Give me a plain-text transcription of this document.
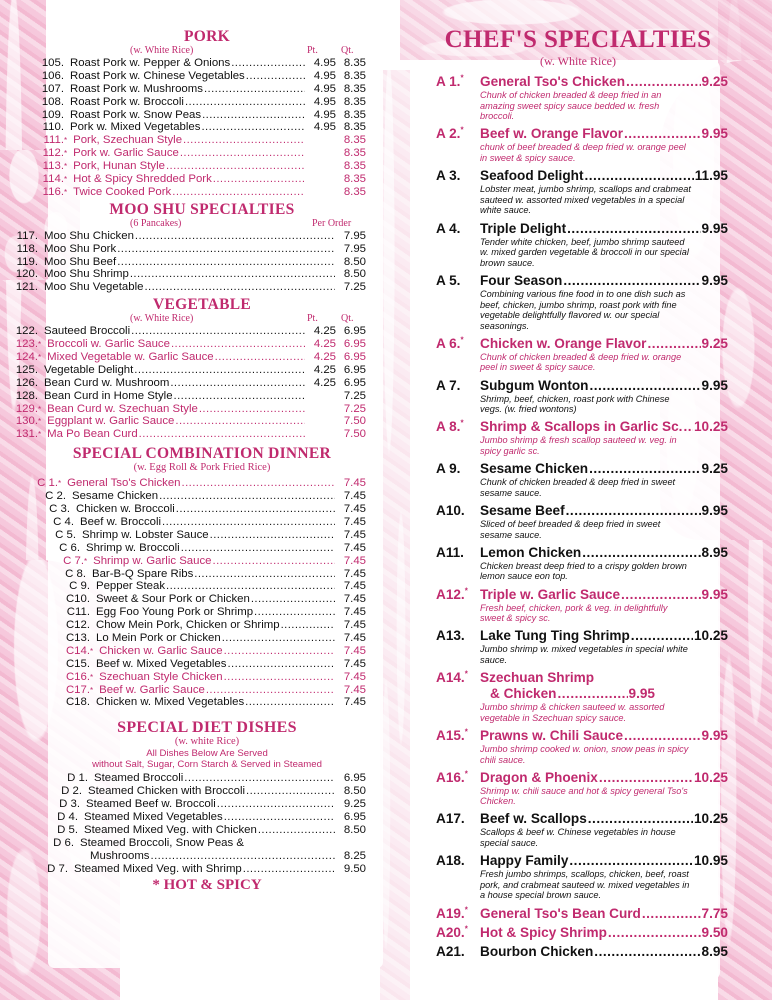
PORK
(w. White Rice)	Pt. Qt.
105. Roast Pork w. Pepper & Onions .....	4.95 8.35
106. Roast Pork w. Chinese Vegetables .....	4.95 8.35
107. Roast Pork w. Mushrooms .....	4.95 8.35
108. Roast Pork w. Broccoli .....	4.95 8.35
109. Roast Pork w. Snow Peas .....	4.95 8.35
110. Pork w. Mixed Vegetables .....	4.95 8.35
111. * Pork, Szechuan Style .....	8.35
112. * Pork w. Garlic Sauce .....	8.35
113. * Pork, Hunan Style .....	8.35
114. * Hot & Spicy Shredded Pork .....	8.35
116. * Twice Cooked Pork .....	8.35
MOO SHU SPECIALTIES
(6 Pancakes)	Per Order
117. Moo Shu Chicken .....	7.95
118. Moo Shu Pork .....	7.95
119. Moo Shu Beef .....	8.50
120. Moo Shu Shrimp .....	8.50
121. Moo Shu Vegetable .....	7.25
VEGETABLE
(w. White Rice)	Pt. Qt.
122. Sauteed Broccoli .....	4.25 6.95
123. * Broccoli w. Garlic Sauce .....	4.25 6.95
124. * Mixed Vegetable w. Garlic Sauce .....	4.25 6.95
125. Vegetable Delight .....	4.25 6.95
126. Bean Curd w. Mushroom .....	4.25 6.95
128. Bean Curd in Home Style .....	7.25
129. * Bean Curd w. Szechuan Style .....	7.25
130. * Eggplant w. Garlic Sauce .....	7.50
131. * Ma Po Bean Curd .....	7.50
SPECIAL COMBINATION DINNER
(w. Egg Roll & Pork Fried Rice)
C 1. * General Tso's Chicken .....	7.45
C 2. Sesame Chicken .....	7.45
C 3. Chicken w. Broccoli .....	7.45
C 4. Beef w. Broccoli .....	7.45
C 5. Shrimp w. Lobster Sauce .....	7.45
C 6. Shrimp w. Broccoli .....	7.45
C 7. * Shrimp w. Garlic Sauce .....	7.45
C 8. Bar-B-Q Spare Ribs .....	7.45
C 9. Pepper Steak .....	7.45
C10. Sweet & Sour Pork or Chicken .....	7.45
C11. Egg Foo Young Pork or Shrimp .....	7.45
C12. Chow Mein Pork, Chicken or Shrimp .....	7.45
C13. Lo Mein Pork or Chicken .....	7.45
C14. * Chicken w. Garlic Sauce .....	7.45
C15. Beef w. Mixed Vegetables .....	7.45
C16. * Szechuan Style Chicken .....	7.45
C17. * Beef w. Garlic Sauce .....	7.45
C18. Chicken w. Mixed Vegetables .....	7.45
SPECIAL DIET DISHES
(w. white Rice)
All Dishes Below Are Served
without Salt, Sugar, Corn Starch & Served in Steamed
D 1. Steamed Broccoli .....	6.95
D 2. Steamed Chicken with Broccoli .....	8.50
D 3. Steamed Beef w. Broccoli .....	9.25
D 4. Steamed Mixed Vegetables .....	6.95
D 5. Steamed Mixed Veg. with Chicken .....	8.50
D 6. Steamed Broccoli, Snow Peas &
Mushrooms .....	8.25
D 7. Steamed Mixed Veg. with Shrimp .....	9.50
* HOT & SPICY
CHEF'S SPECIALTIES
(w. White Rice)
A 1.*	General Tso's Chicken .....	9.25
Chunk of chicken breaded & deep fried in an amazing sweet spicy sauce bedded w. fresh broccoli.
A 2.*	Beef w. Orange Flavor .....	9.95
chunk of beef breaded & deep fried w. orange peel in sweet & spicy sauce.
A 3.	Seafood Delight .....	11.95
Lobster meat, jumbo shrimp, scallops and crabmeat sauteed w. assorted mixed vegetables in a special white sauce.
A 4.	Triple Delight .....	9.95
Tender white chicken, beef, jumbo shrimp sauteed w. mixed garden vegetable & broccoli in our special brown sauce.
A 5.	Four Season .....	9.95
Combining various fine food in to one dish such as beef, chicken, jumbo shrimp, roast pork with fine vegetable delightfully flavored w. our special seasonings.
A 6.*	Chicken w. Orange Flavor .....	9.25
Chunk of chicken breaded & deep fried w. orange peel in sweet & spicy sauce.
A 7.	Subgum Wonton .....	9.95
Shrimp, beef, chicken, roast pork with Chinese vegs. (w. fried wontons)
A 8.*	Shrimp & Scallops in Garlic Sc. ..... 10.25
Jumbo shrimp & fresh scallop sauteed w. veg. in spicy garlic sc.
A 9.	Sesame Chicken .....	9.25
Chunk of chicken breaded & deep fried in sweet sesame sauce.
A10.	Sesame Beef .....	9.95
Sliced of beef breaded & deep fried in sweet sesame sauce.
A11.	Lemon Chicken .....	8.95
Chicken breast deep fried to a crispy golden brown lemon sauce eon top.
A12.* Triple w. Garlic Sauce .....	9.95
Fresh beef, chicken, pork & veg. in delightfully sweet & spicy sc.
A13.	Lake Tung Ting Shrimp .....	10.25
Jumbo shrimp w. mixed vegetables in special white sauce.
A14.* Szechuan Shrimp
& Chicken .....	9.95
Jumbo shrimp & chicken sauteed w. assorted vegetable in Szechuan spicy sauce.
A15.* Prawns w. Chili Sauce .....	9.95
Jumbo shrimp cooked w. onion, snow peas in spicy chili sauce.
A16.* Dragon & Phoenix .....	10.25
Shrimp w. chili sauce and hot & spicy general Tso's Chicken.
A17.	Beef w. Scallops .....	10.25
Scallops & beef w. Chinese vegetables in house special sauce.
A18.	Happy Family .....	10.95
Fresh jumbo shrimps, scallops, chicken, beef, roast pork, and crabmeat sauteed w. mixed vegetables in a house special brown sauce.
A19.* General Tso's Bean Curd .....	7.75
A20.* Hot & Spicy Shrimp .....	9.50
A21.	Bourbon Chicken .....	8.95
